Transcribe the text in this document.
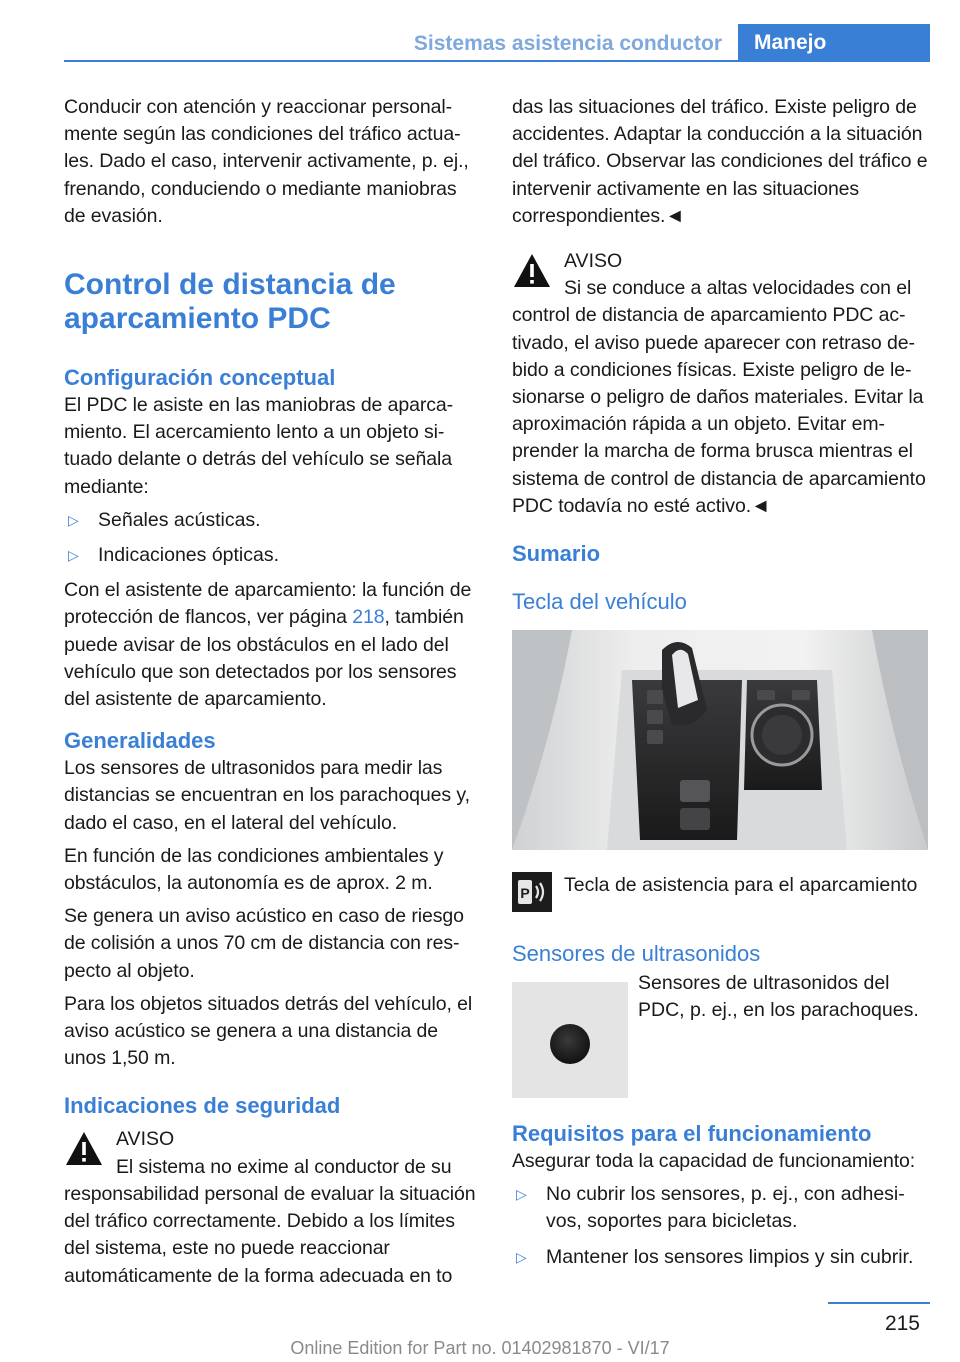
Sistemas asistencia conductor	Manejo

Conducir con atención y reaccionar personalmente según las condiciones del tráfico actuales. Dado el caso, intervenir activamente, p. ej., frenando, conduciendo o mediante maniobras de evasión.

Control de distancia de aparcamiento PDC
Configuración conceptual

El PDC le asiste en las maniobras de aparcamiento. El acercamiento lento a un objeto situado delante o detrás del vehículo se señala mediante:

▷ Señales acústicas.
▷ Indicaciones ópticas.

Con el asistente de aparcamiento: la función de protección de flancos, ver página 218, también puede avisar de los obstáculos en el lado del vehículo que son detectados por los sensores del asistente de aparcamiento.

Generalidades

Los sensores de ultrasonidos para medir las distancias se encuentran en los parachoques y, dado el caso, en el lateral del vehículo.

En función de las condiciones ambientales y obstáculos, la autonomía es de aprox. 2 m.

Se genera un aviso acústico en caso de riesgo de colisión a unos 70 cm de distancia con respecto al objeto.

Para los objetos situados detrás del vehículo, el aviso acústico se genera a una distancia de unos 1,50 m.

Indicaciones de seguridad
AVISO

El sistema no exime al conductor de su responsabilidad personal de evaluar la situación del tráfico correctamente. Debido a los límites del sistema, este no puede reaccionar automáticamente de la forma adecuada en to

das las situaciones del tráfico. Existe peligro de accidentes. Adaptar la conducción a la situación del tráfico. Observar las condiciones del tráfico e intervenir activamente en las situaciones correspondientes.◄

AVISO

Si se conduce a altas velocidades con el control de distancia de aparcamiento PDC activado, el aviso puede aparecer con retraso debido a condiciones físicas. Existe peligro de lesionarse o peligro de daños materiales. Evitar la aproximación rápida a un objeto. Evitar emprender la marcha de forma brusca mientras el sistema de control de distancia de aparcamiento PDC todavía no esté activo.◄

Sumario
Tecla del vehículo
P	Tecla de asistencia para el aparcamiento

Sensores de ultrasonidos

Sensores de ultrasonidos del PDC, p. ej., en los parachoques.

Requisitos para el funcionamiento

Asegurar toda la capacidad de funcionamiento:

▷ No cubrir los sensores, p. ej., con adhesivos, soportes para bicicletas.
▷ Mantener los sensores limpios y sin cubrir.
215
Online Edition for Part no. 01402981870 - VI/17
